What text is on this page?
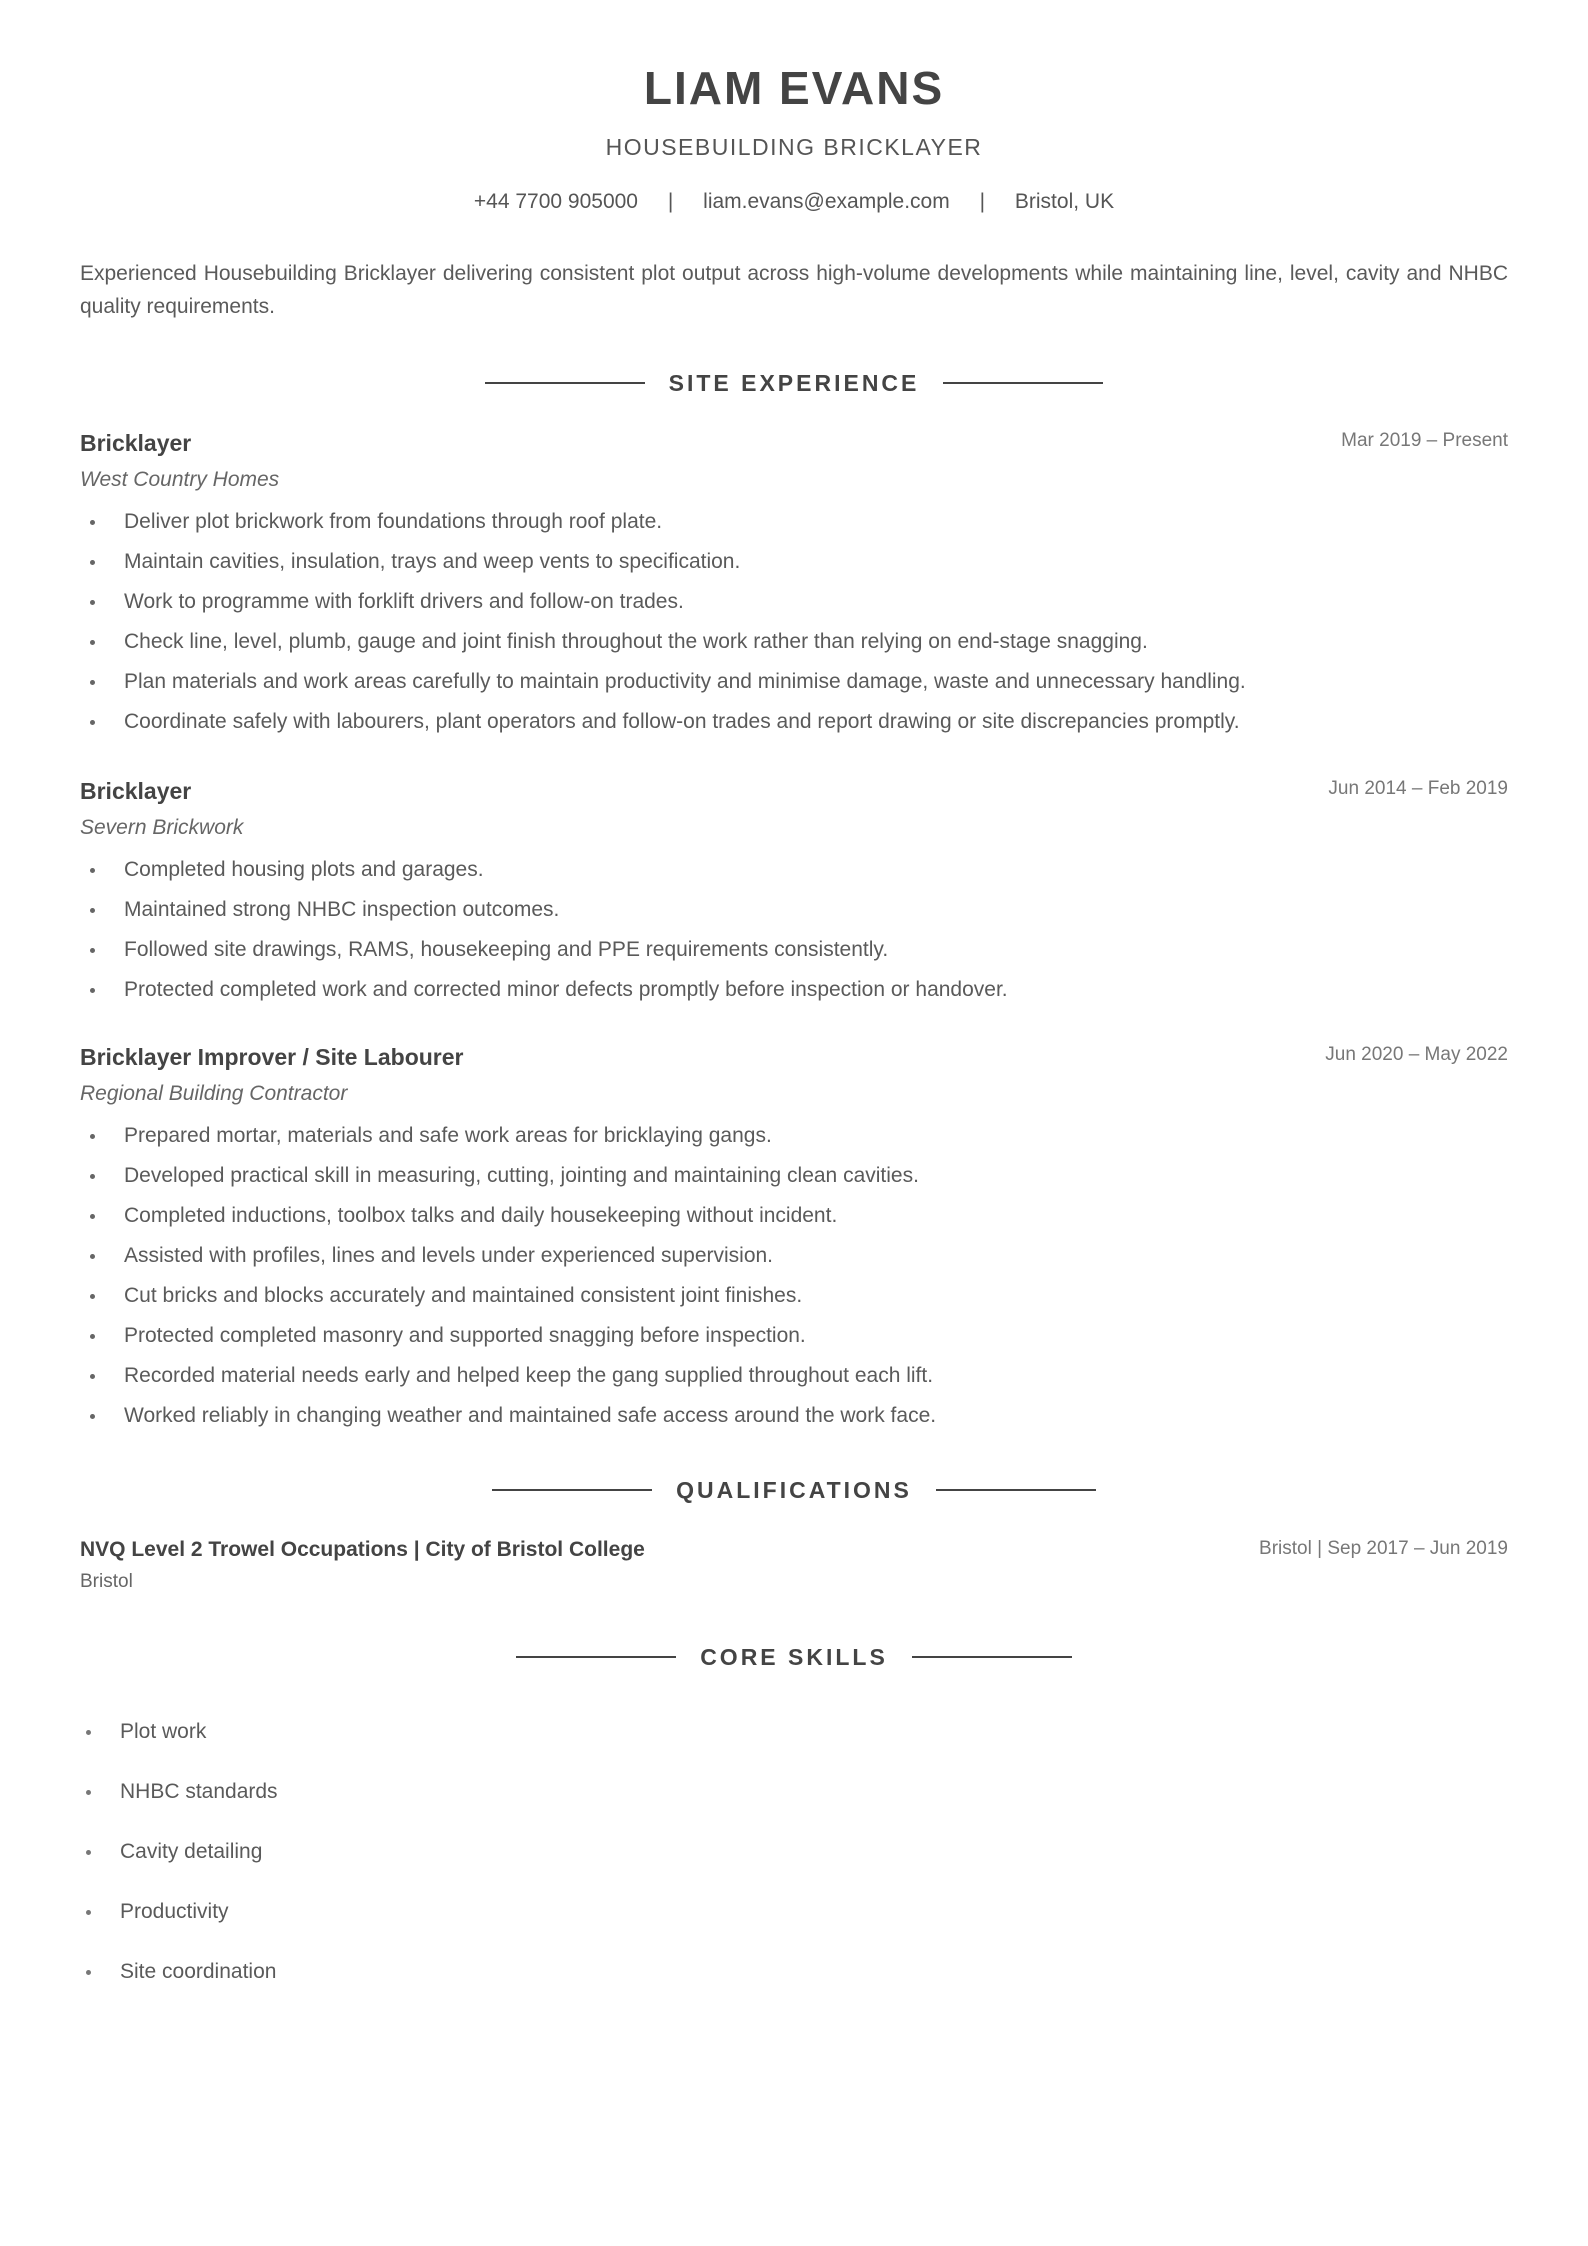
LIAM EVANS
HOUSEBUILDING BRICKLAYER
+44 7700 905000 | liam.evans@example.com | Bristol, UK
Experienced Housebuilding Bricklayer delivering consistent plot output across high-volume developments while maintaining line, level, cavity and NHBC quality requirements.
SITE EXPERIENCE
Bricklayer	Mar 2019 – Present
West Country Homes
Deliver plot brickwork from foundations through roof plate.
Maintain cavities, insulation, trays and weep vents to specification.
Work to programme with forklift drivers and follow-on trades.
Check line, level, plumb, gauge and joint finish throughout the work rather than relying on end-stage snagging.
Plan materials and work areas carefully to maintain productivity and minimise damage, waste and unnecessary handling.
Coordinate safely with labourers, plant operators and follow-on trades and report drawing or site discrepancies promptly.
Bricklayer	Jun 2014 – Feb 2019
Severn Brickwork
Completed housing plots and garages.
Maintained strong NHBC inspection outcomes.
Followed site drawings, RAMS, housekeeping and PPE requirements consistently.
Protected completed work and corrected minor defects promptly before inspection or handover.
Bricklayer Improver / Site Labourer	Jun 2020 – May 2022
Regional Building Contractor
Prepared mortar, materials and safe work areas for bricklaying gangs.
Developed practical skill in measuring, cutting, jointing and maintaining clean cavities.
Completed inductions, toolbox talks and daily housekeeping without incident.
Assisted with profiles, lines and levels under experienced supervision.
Cut bricks and blocks accurately and maintained consistent joint finishes.
Protected completed masonry and supported snagging before inspection.
Recorded material needs early and helped keep the gang supplied throughout each lift.
Worked reliably in changing weather and maintained safe access around the work face.
QUALIFICATIONS
NVQ Level 2 Trowel Occupations | City of Bristol College	Bristol | Sep 2017 – Jun 2019
Bristol
CORE SKILLS
Plot work
NHBC standards
Cavity detailing
Productivity
Site coordination
